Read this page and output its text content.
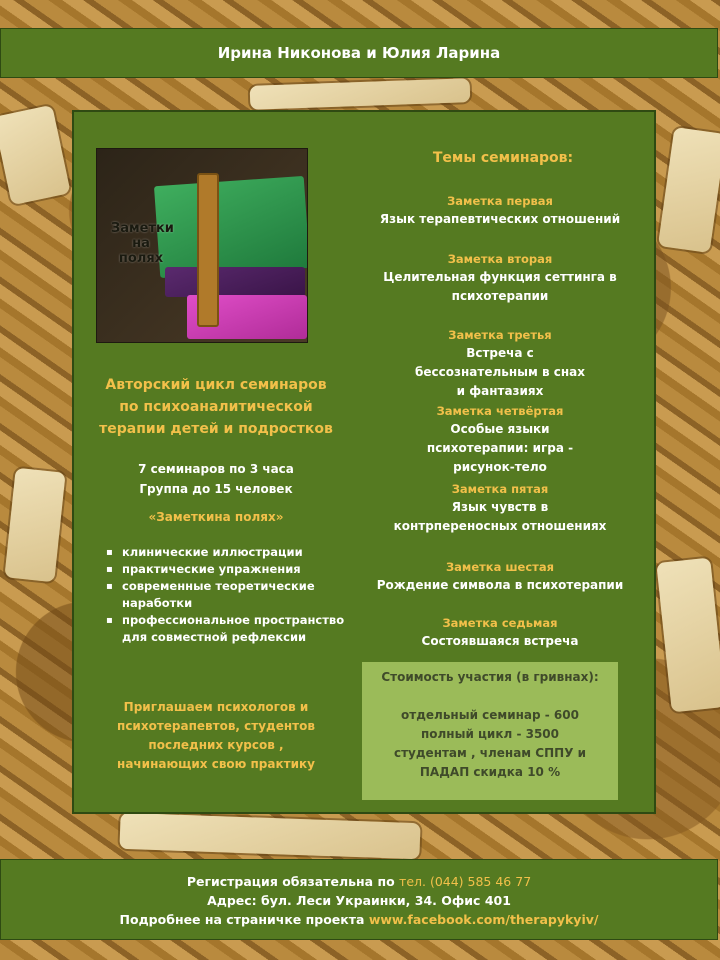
Ирина Никонова и Юлия Ларина
Заметки на полях
Авторский цикл семинаров
по психоаналитической
терапии детей и подростков
7 семинаров по 3 часа
Группа до 15 человек
«Заметкина полях»
▪ клинические иллюстрации
▪ практические упражнения
▪ современные теоретические наработки
▪ профессиональное пространство для совместной рефлексии
Приглашаем психологов и
психотерапевтов, студентов
последних курсов ,
начинающих свою практику
Темы семинаров:
Заметка первая
Язык терапевтических отношений
Заметка вторая
Целительная функция сеттинга в психотерапии
Заметка третья
Встреча с бессознательным в снах и фантазиях
Заметка четвёртая
Особые языки психотерапии: игра - рисунок-тело
Заметка пятая
Язык чувств в контрпереносных отношениях
Заметка шестая
Рождение символа в психотерапии
Заметка седьмая
Состоявшаяся встреча
Стоимость участия (в гривнах):
отдельный семинар - 600
полный цикл - 3500
студентам , членам СППУ и
ПАДАП скидка 10 %
Регистрация обязательна по тел. (044) 585 46 77
Адрес: бул. Леси Украинки, 34. Офис 401
Подробнее на страничке проекта www.facebook.com/therapykyiv/
